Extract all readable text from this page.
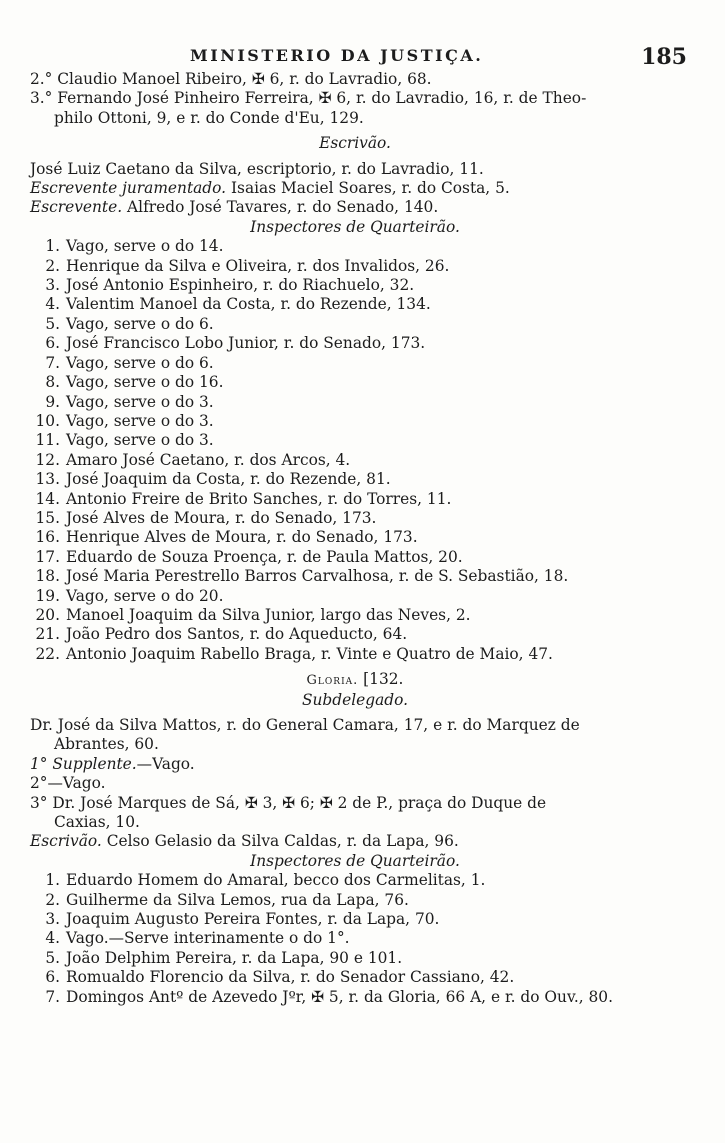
MINISTERIO DA JUSTIÇA.	185
2.° Claudio Manoel Ribeiro, ✠ 6, r. do Lavradio, 68.
3.° Fernando José Pinheiro Ferreira, ✠ 6, r. do Lavradio, 16, r. de Theo-
philo Ottoni, 9, e r. do Conde d'Eu, 129.
Escrivão.
José Luiz Caetano da Silva, escriptorio, r. do Lavradio, 11.
Escrevente juramentado. Isaias Maciel Soares, r. do Costa, 5.
Escrevente. Alfredo José Tavares, r. do Senado, 140.
Inspectores de Quarteirão.
1. Vago, serve o do 14.
2. Henrique da Silva e Oliveira, r. dos Invalidos, 26.
3. José Antonio Espinheiro, r. do Riachuelo, 32.
4. Valentim Manoel da Costa, r. do Rezende, 134.
5. Vago, serve o do 6.
6. José Francisco Lobo Junior, r. do Senado, 173.
7. Vago, serve o do 6.
8. Vago, serve o do 16.
9. Vago, serve o do 3.
10. Vago, serve o do 3.
11. Vago, serve o do 3.
12. Amaro José Caetano, r. dos Arcos, 4.
13. José Joaquim da Costa, r. do Rezende, 81.
14. Antonio Freire de Brito Sanches, r. do Torres, 11.
15. José Alves de Moura, r. do Senado, 173.
16. Henrique Alves de Moura, r. do Senado, 173.
17. Eduardo de Souza Proença, r. de Paula Mattos, 20.
18. José Maria Perestrello Barros Carvalhosa, r. de S. Sebastião, 18.
19. Vago, serve o do 20.
20. Manoel Joaquim da Silva Junior, largo das Neves, 2.
21. João Pedro dos Santos, r. do Aqueducto, 64.
22. Antonio Joaquim Rabello Braga, r. Vinte e Quatro de Maio, 47.
Gloria. [132.
Subdelegado.
Dr. José da Silva Mattos, r. do General Camara, 17, e r. do Marquez de
Abrantes, 60.
1° Supplente.—Vago.
2°—Vago.
3° Dr. José Marques de Sá, ✠ 3, ✠ 6; ✠ 2 de P., praça do Duque de
Caxias, 10.
Escrivão. Celso Gelasio da Silva Caldas, r. da Lapa, 96.
Inspectores de Quarteirão.
1. Eduardo Homem do Amaral, becco dos Carmelitas, 1.
2. Guilherme da Silva Lemos, rua da Lapa, 76.
3. Joaquim Augusto Pereira Fontes, r. da Lapa, 70.
4. Vago.—Serve interinamente o do 1°.
5. João Delphim Pereira, r. da Lapa, 90 e 101.
6. Romualdo Florencio da Silva, r. do Senador Cassiano, 42.
7. Domingos Antº de Azevedo Jºr, ✠ 5, r. da Gloria, 66 A, e r. do Ouv., 80.
